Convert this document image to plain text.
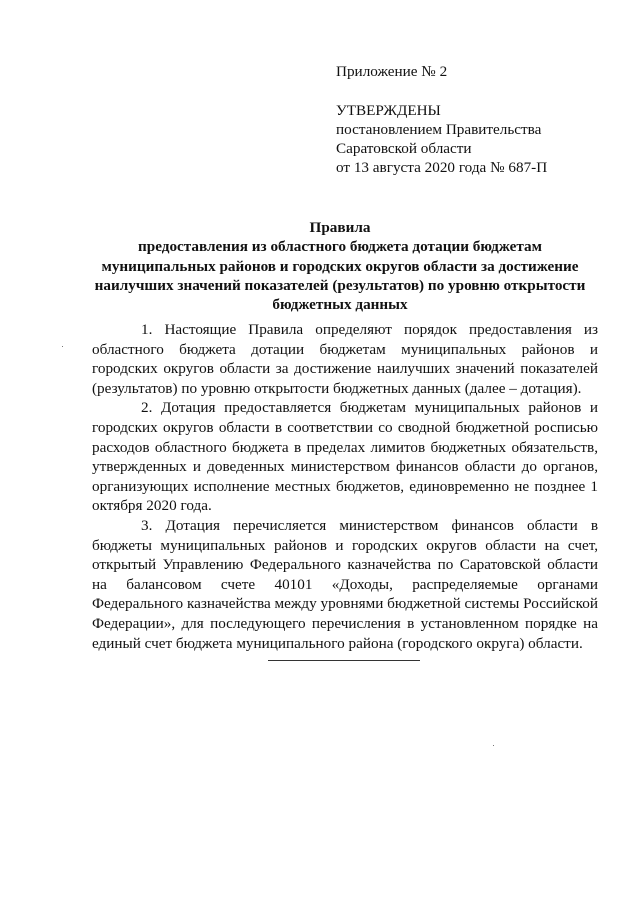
Приложение № 2
УТВЕРЖДЕНЫ
постановлением Правительства
Саратовской области
от 13 августа 2020 года № 687-П
Правила
предоставления из областного бюджета дотации бюджетам
муниципальных районов и городских округов области за достижение
наилучших значений показателей (результатов) по уровню открытости
бюджетных данных

1. Настоящие Правила определяют порядок предоставления из областного бюджета дотации бюджетам муниципальных районов и городских округов области за достижение наилучших значений показателей (результатов) по уровню открытости бюджетных данных (далее – дотация).

2. Дотация предоставляется бюджетам муниципальных районов и городских округов области в соответствии со сводной бюджетной росписью расходов областного бюджета в пределах лимитов бюджетных обязательств, утвержденных и доведенных министерством финансов области до органов, организующих исполнение местных бюджетов, единовременно не позднее 1 октября 2020 года.

3. Дотация перечисляется министерством финансов области в бюджеты муниципальных районов и городских округов области на счет, открытый Управлению Федерального казначейства по Саратовской области на балансовом счете 40101 «Доходы, распределяемые органами Федерального казначейства между уровнями бюджетной системы Российской Федерации», для последующего перечисления в установленном порядке на единый счет бюджета муниципального района (городского округа) области.
